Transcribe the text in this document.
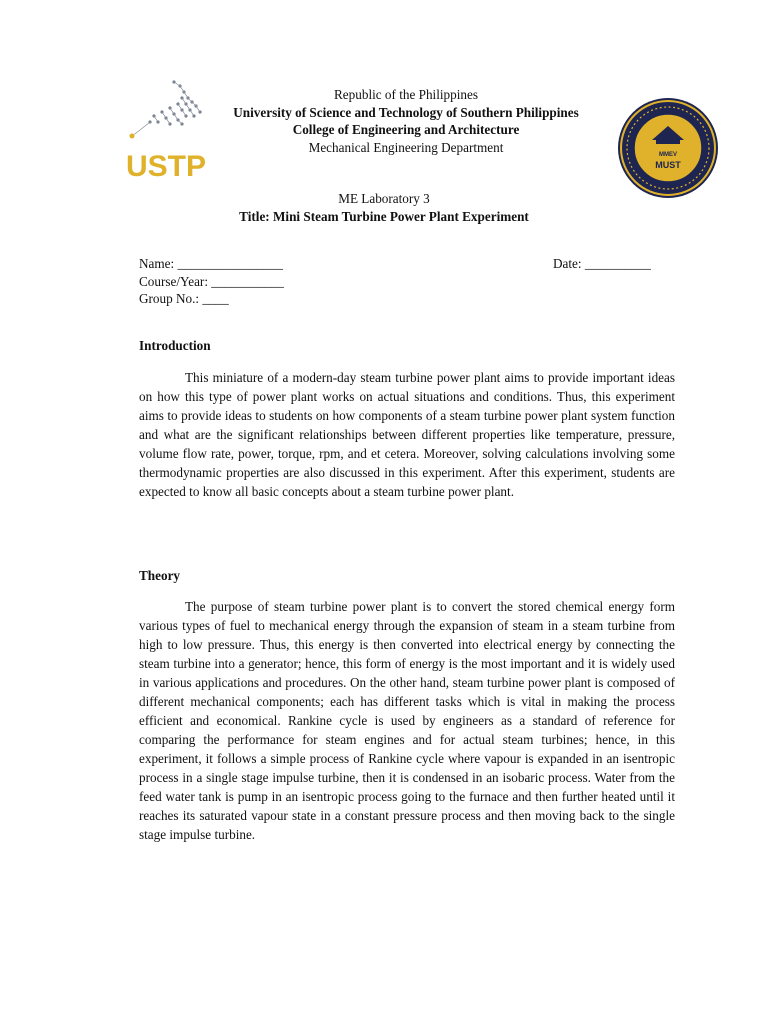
USTP	MMEV
MUST
Republic of the Philippines
University of Science and Technology of Southern Philippines
College of Engineering and Architecture
Mechanical Engineering Department
ME Laboratory 3
Title: Mini Steam Turbine Power Plant Experiment
Name: ________________	Date: __________
Course/Year: ___________
Group No.: ____
Introduction

This miniature of a modern-day steam turbine power plant aims to provide important ideas on how this type of power plant works on actual situations and conditions. Thus, this experiment aims to provide ideas to students on how components of a steam turbine power plant system function and what are the significant relationships between different properties like temperature, pressure, volume flow rate, power, torque, rpm, and et cetera. Moreover, solving calculations involving some thermodynamic properties are also discussed in this experiment. After this experiment, students are expected to know all basic concepts about a steam turbine power plant.

Theory

The purpose of steam turbine power plant is to convert the stored chemical energy form various types of fuel to mechanical energy through the expansion of steam in a steam turbine from high to low pressure. Thus, this energy is then converted into electrical energy by connecting the steam turbine into a generator; hence, this form of energy is the most important and it is widely used in various applications and procedures. On the other hand, steam turbine power plant is composed of different mechanical components; each has different tasks which is vital in making the process efficient and economical. Rankine cycle is used by engineers as a standard of reference for comparing the performance for steam engines and for actual steam turbines; hence, in this experiment, it follows a simple process of Rankine cycle where vapour is expanded in an isentropic process in a single stage impulse turbine, then it is condensed in an isobaric process. Water from the feed water tank is pump in an isentropic process going to the furnace and then further heated until it reaches its saturated vapour state in a constant pressure process and then moving back to the single stage impulse turbine.
